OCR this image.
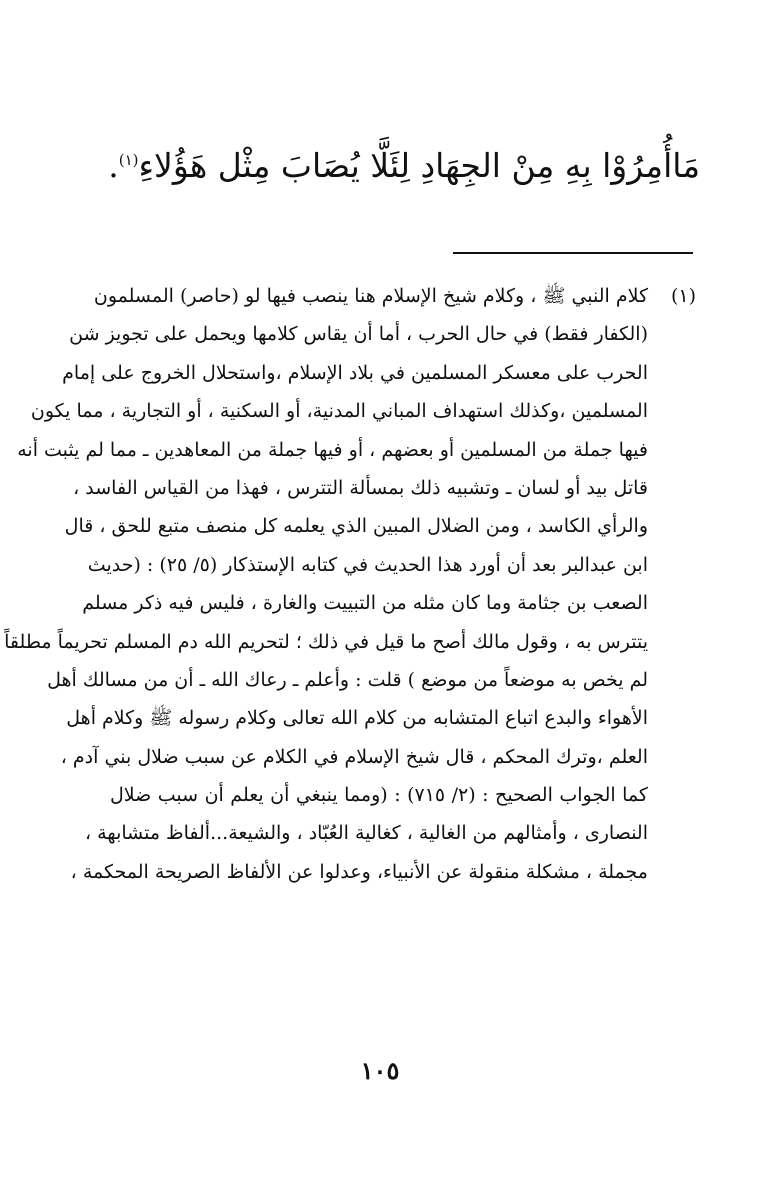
مَاأُمِرُوْا بِهِ مِنْ الجِهَادِ لِئَلَّا يُصَابَ مِثْل هَؤُلاءِ$^{(١)}$.
(١)
كلام النبي ﷺ ، وكلام شيخ الإسلام هنا ينصب فيها لو (حاصر) المسلمون
(الكفار فقط) في حال الحرب ، أما أن يقاس كلامها ويحمل على تجويز شن
الحرب على معسكر المسلمين في بلاد الإسلام ،واستحلال الخروج على إمام
المسلمين ،وكذلك استهداف المباني المدنية، أو السكنية ، أو التجارية ، مما يكون
فيها جملة من المسلمين أو بعضهم ، أو فيها جملة من المعاهدين ـ مما لم يثبت أنه
قاتل بيد أو لسان ـ وتشبيه ذلك بمسألة التترس ، فهذا من القياس الفاسد ،
والرأي الكاسد ، ومن الضلال المبين الذي يعلمه كل منصف متبع للحق ، قال
ابن عبدالبر بعد أن أورد هذا الحديث في كتابه الإستذكار (٥/ ٢٥) : (حديث
الصعب بن جثامة وما كان مثله من التبييت والغارة ، فليس فيه ذكر مسلم
يتترس به ، وقول مالك أصح ما قيل في ذلك ؛ لتحريم الله دم المسلم تحريماً مطلقاً
لم يخص به موضعاً من موضع ) قلت : وأعلم ـ رعاك الله ـ أن من مسالك أهل
الأهواء والبدع اتباع المتشابه من كلام الله تعالى وكلام رسوله ﷺ وكلام أهل
العلم ،وترك المحكم ، قال شيخ الإسلام في الكلام عن سبب ضلال بني آدم ،
كما الجواب الصحيح : (٢/ ٧١٥) : (ومما ينبغي أن يعلم أن سبب ضلال
النصارى ، وأمثالهم من الغالية ، كغالية العُبّاد ، والشيعة...ألفاظ متشابهة ،
مجملة ، مشكلة منقولة عن الأنبياء، وعدلوا عن الألفاظ الصريحة المحكمة ،
١٠٥
